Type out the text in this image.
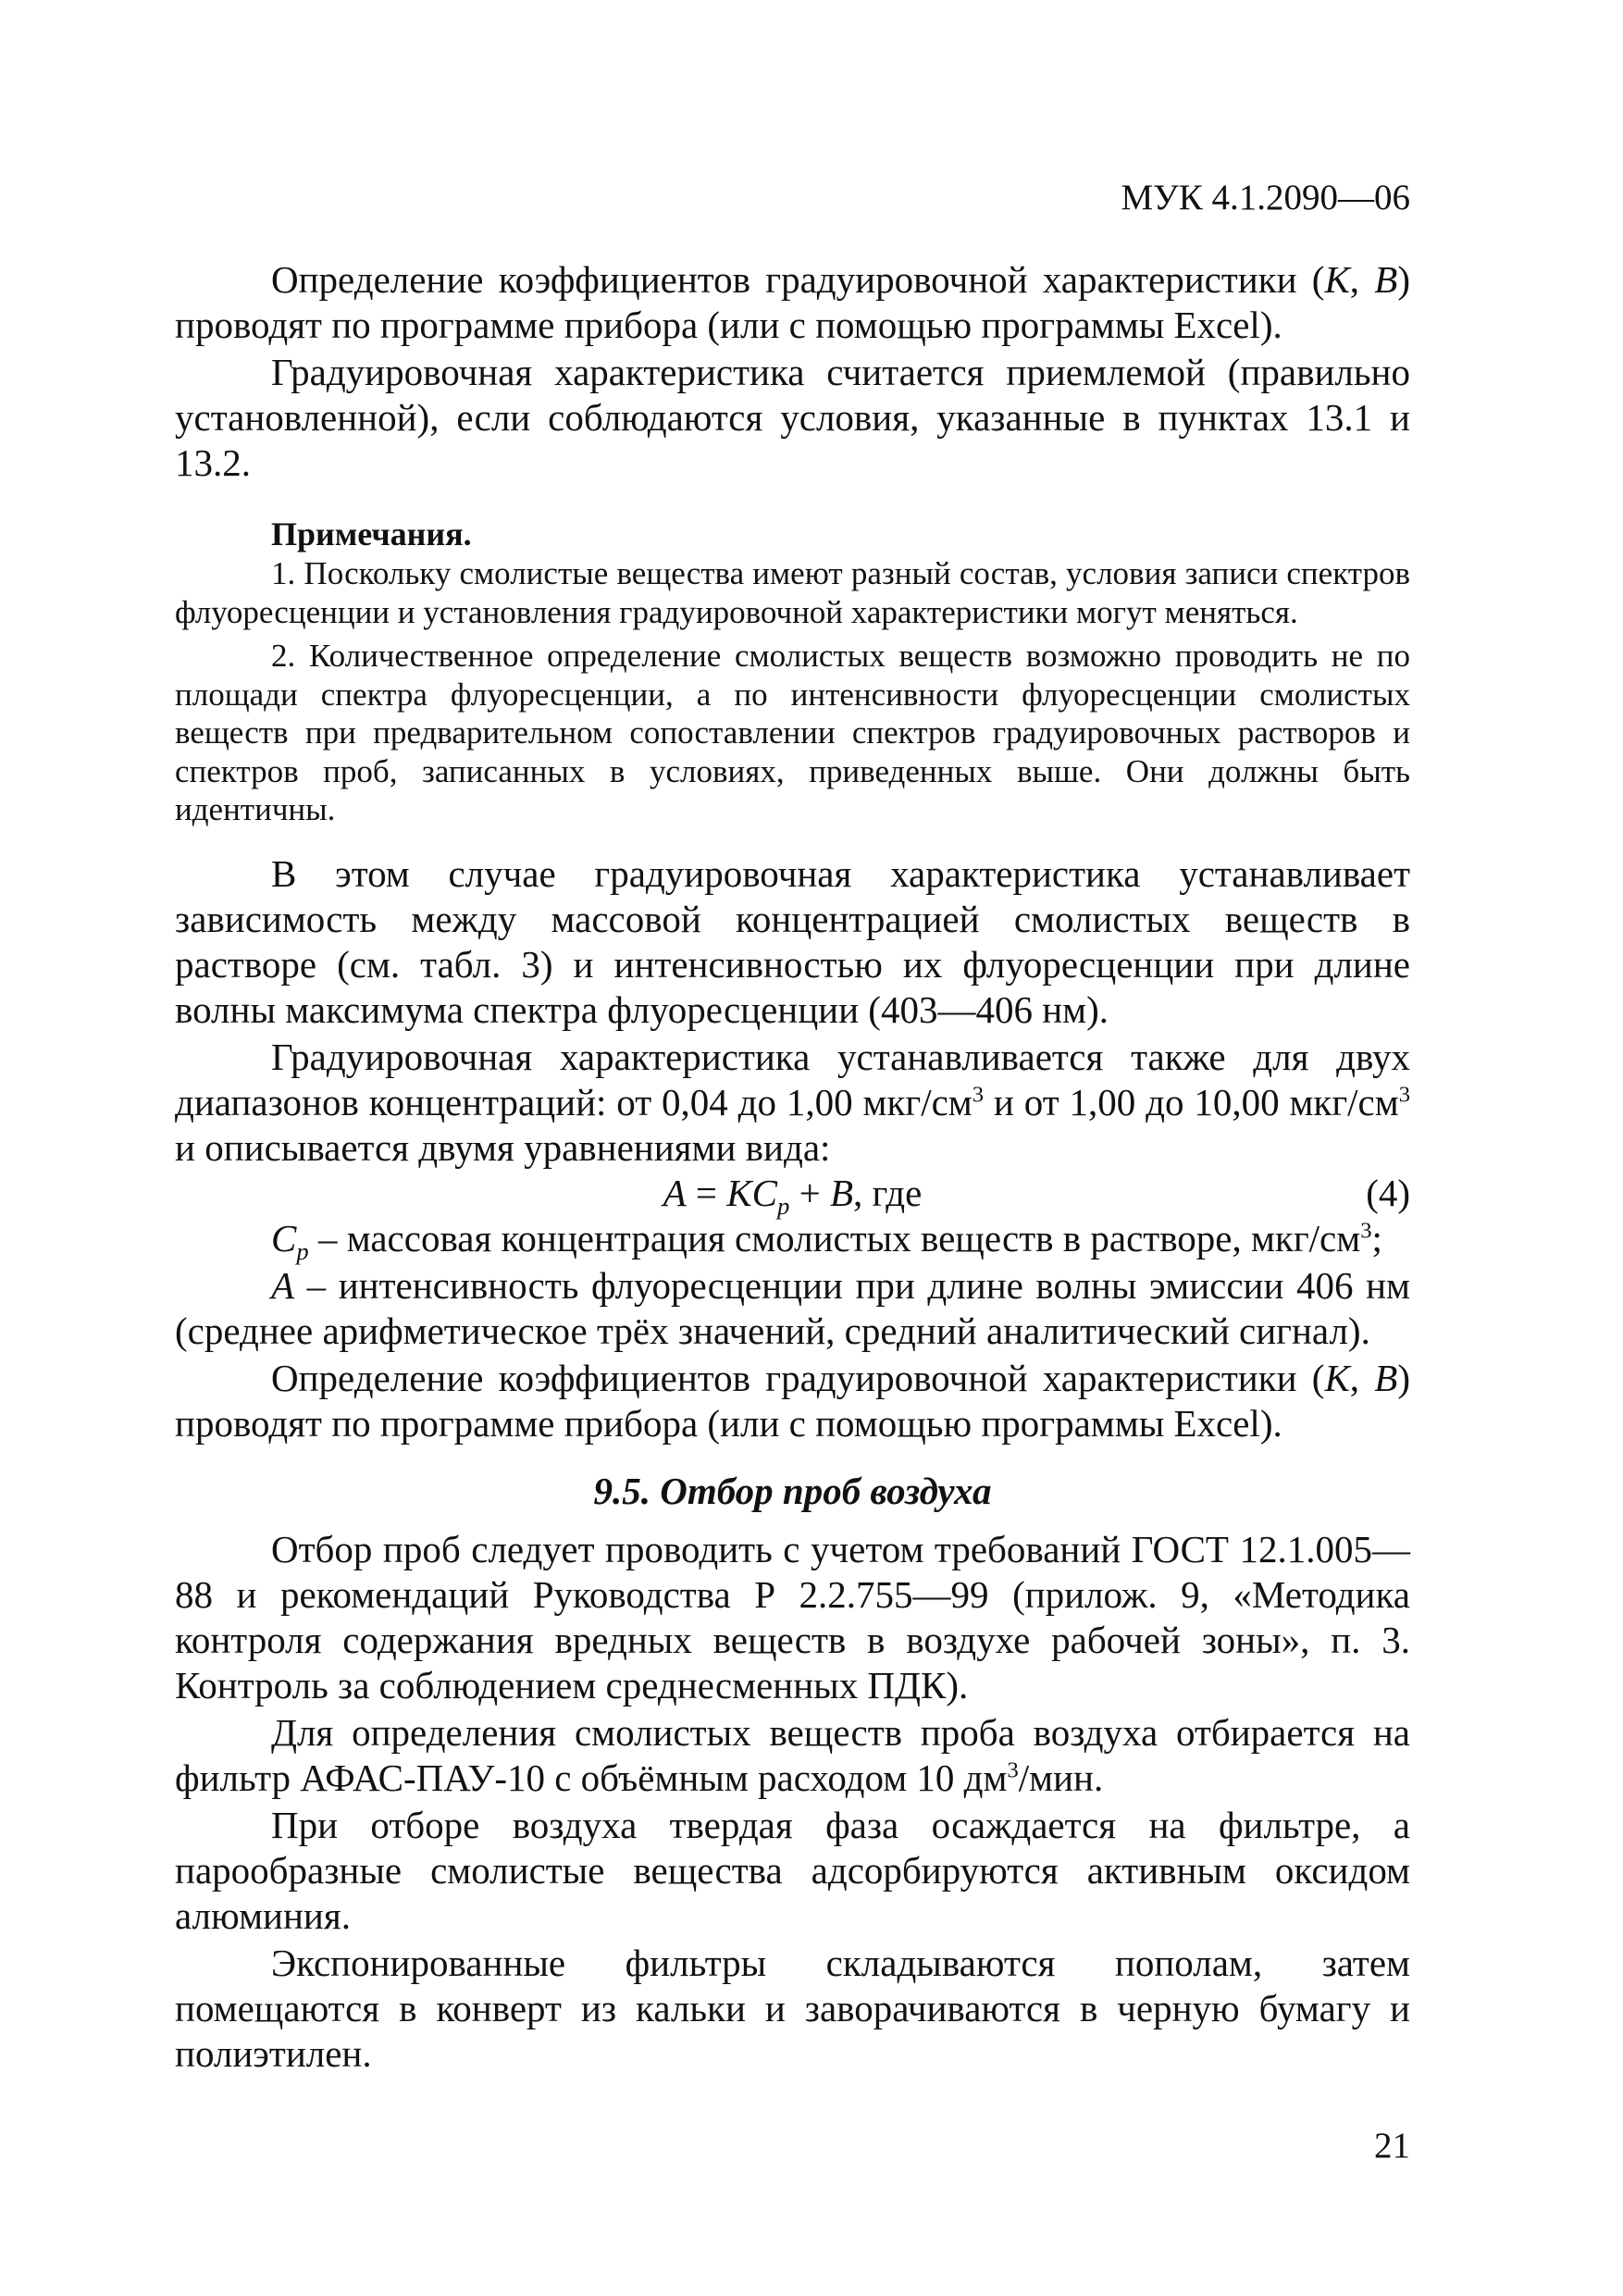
МУК 4.1.2090—06

Определение коэффициентов градуировочной характеристики (K, B) проводят по программе прибора (или с помощью программы Excel).

Градуировочная характеристика считается приемлемой (правильно установленной), если соблюдаются условия, указанные в пунктах 13.1 и 13.2.

Примечания.

1. Поскольку смолистые вещества имеют разный состав, условия записи спектров флуоресценции и установления градуировочной характеристики могут меняться.

2. Количественное определение смолистых веществ возможно проводить не по площади спектра флуоресценции, а по интенсивности флуоресценции смолистых веществ при предварительном сопоставлении спектров градуировочных растворов и спектров проб, записанных в условиях, приведенных выше. Они должны быть идентичны.

В этом случае градуировочная характеристика устанавливает зависимость между массовой концентрацией смолистых веществ в растворе (см. табл. 3) и интенсивностью их флуоресценции при длине волны максимума спектра флуоресценции (403—406 нм).

Градуировочная характеристика устанавливается также для двух диапазонов концентраций: от 0,04 до 1,00 мкг/$см^3$ и от 1,00 до 10,00 мкг/$см^3$ и описывается двумя уравнениями вида:

$A = KC_p + B$, где	(4)

$C_p$ – массовая концентрация смолистых веществ в растворе, мкг/$см^3$;

A – интенсивность флуоресценции при длине волны эмиссии 406 нм (среднее арифметическое трёх значений, средний аналитический сигнал).

Определение коэффициентов градуировочной характеристики (K, B) проводят по программе прибора (или с помощью программы Excel).

9.5. Отбор проб воздуха

Отбор проб следует проводить с учетом требований ГОСТ 12.1.005—88 и рекомендаций Руководства Р 2.2.755—99 (прилож. 9, «Методика контроля содержания вредных веществ в воздухе рабочей зоны», п. 3. Контроль за соблюдением среднесменных ПДК).

Для определения смолистых веществ проба воздуха отбирается на фильтр АФАС-ПАУ-10 с объёмным расходом 10 $дм^3$/мин.

При отборе воздуха твердая фаза осаждается на фильтре, а парообразные смолистые вещества адсорбируются активным оксидом алюминия.

Экспонированные фильтры складываются пополам, затем помещаются в конверт из кальки и заворачиваются в черную бумагу и полиэтилен.

21
